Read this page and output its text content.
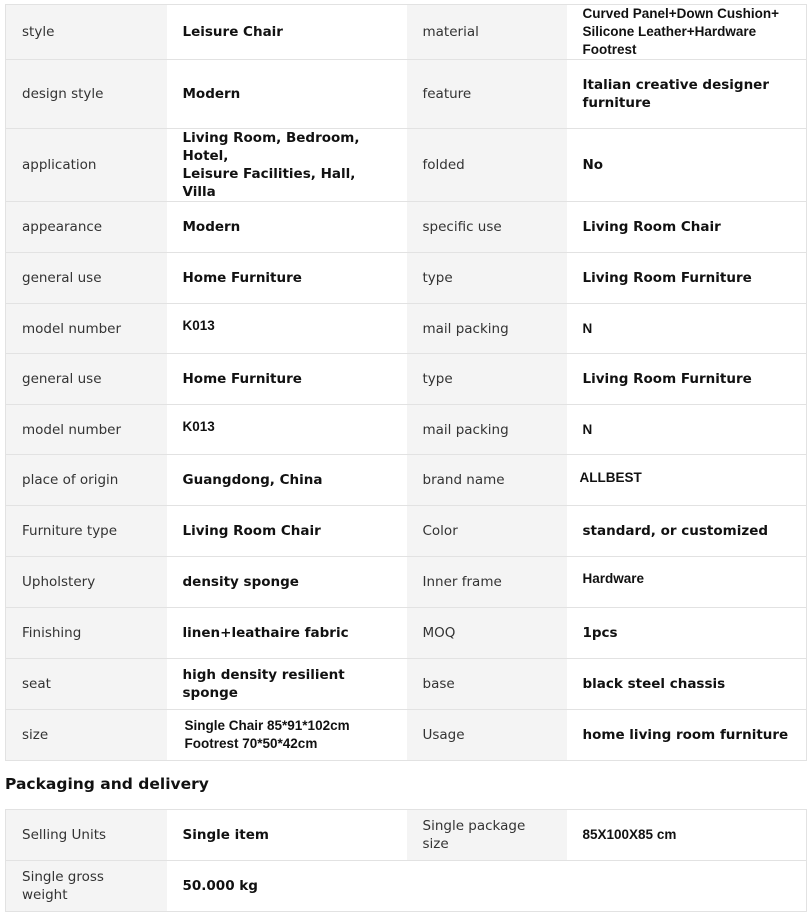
style	Leisure Chair	material	Curved Panel+Down Cushion+
Silicone Leather+Hardware Footrest

design style	Modern	feature	Italian creative designer
furniture

application	Living Room, Bedroom, Hotel,
Leisure Facilities, Hall, Villa	folded	No
appearance	Modern	specific use	Living Room Chair
general use	Home Furniture	type	Living Room Furniture
model number	K013	mail packing	N
general use	Home Furniture	type	Living Room Furniture
model number	K013	mail packing	N
place of origin	Guangdong, China	brand name	ALLBEST
Furniture type	Living Room Chair	Color	standard, or customized
Upholstery	density sponge	Inner frame	Hardware
Finishing	linen+leathaire fabric	MOQ	1pcs
seat	high density resilient sponge	base	black steel chassis
size	Single Chair 85*91*102cm
Footrest 70*50*42cm	Usage	home living room furniture
Packaging and delivery
Selling Units	Single item	Single package size	85X100X85 cm
Single gross weight	50.000 kg		
